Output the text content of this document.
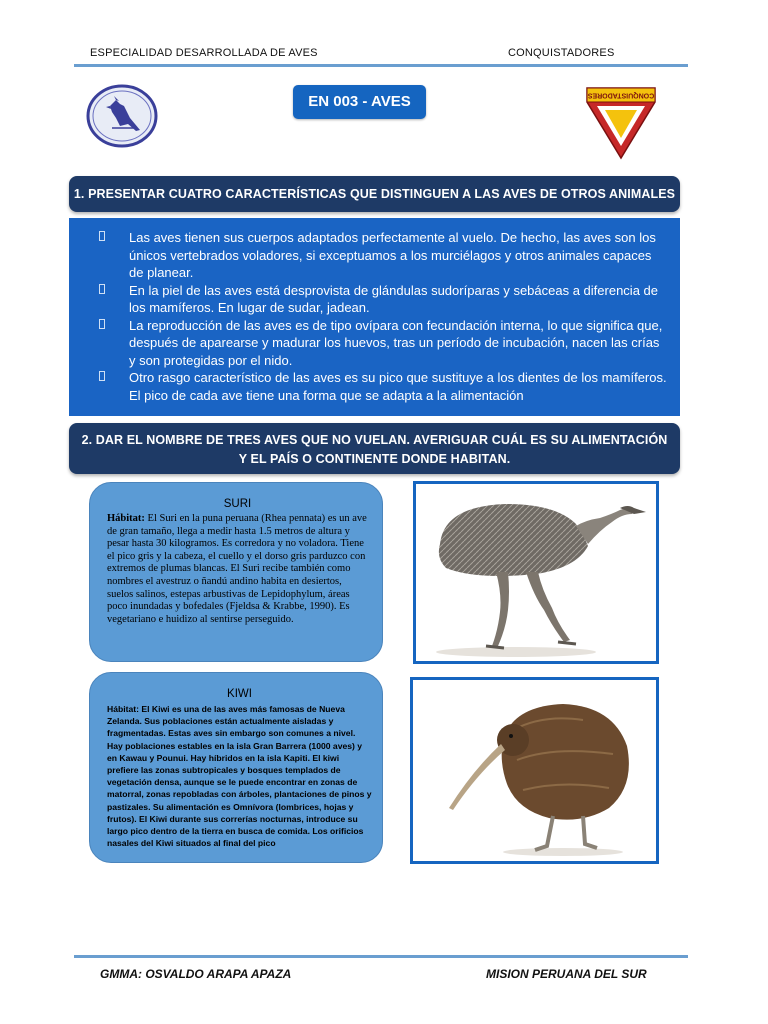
ESPECIALIDAD DESARROLLADA DE AVES	CONQUISTADORES
EN 003 - AVES	CONQUISTADORES
1. PRESENTAR CUATRO CARACTERÍSTICAS QUE DISTINGUEN A LAS AVES DE OTROS ANIMALES
Las aves tienen sus cuerpos adaptados perfectamente al vuelo. De hecho, las aves son los únicos vertebrados voladores, si exceptuamos a los murciélagos y otros animales capaces de planear.
En la piel de las aves está desprovista de glándulas sudoríparas y sebáceas a diferencia de los mamíferos. En lugar de sudar, jadean.
La reproducción de las aves es de tipo ovípara con fecundación interna, lo que significa que, después de aparearse y madurar los huevos, tras un período de incubación, nacen las crías y son protegidas por el nido.
Otro rasgo característico de las aves es su pico que sustituye a los dientes de los mamíferos. El pico de cada ave tiene una forma que se adapta a la alimentación
2. DAR EL NOMBRE DE TRES AVES QUE NO VUELAN. AVERIGUAR CUÁL ES SU ALIMENTACIÓN
Y EL PAÍS O CONTINENTE DONDE HABITAN.
SURI
Hábitat: El Suri en la puna peruana (Rhea pennata) es un ave de gran tamaño, llega a medir hasta 1.5 metros de altura y pesar hasta 30 kilogramos. Es corredora y no voladora. Tiene el pico gris y la cabeza, el cuello y el dorso gris parduzco con extremos de plumas blancas. El Suri recibe también como nombres el avestruz o ñandú andino habita en desiertos, suelos salinos, estepas arbustivas de Lepidophylum, áreas poco inundadas y bofedales (Fjeldsa & Krabbe, 1990). Es vegetariano e huidizo al sentirse perseguido.
KIWI
Hábitat: El Kiwi es una de las aves más famosas de Nueva Zelanda. Sus poblaciones están actualmente aisladas y fragmentadas. Estas aves sin embargo son comunes a nivel. Hay poblaciones estables en la isla Gran Barrera (1000 aves) y en Kawau y Pounui. Hay híbridos en la isla Kapiti. El kiwi prefiere las zonas subtropicales y bosques templados de vegetación densa, aunque se le puede encontrar en zonas de matorral, zonas repobladas con árboles, plantaciones de pinos y pastizales. Su alimentación es Omnívora (lombrices, hojas y frutos). El Kiwi durante sus correrías nocturnas, introduce su largo pico dentro de la tierra en busca de comida. Los orificios nasales del Kiwi situados al final del pico
GMMA: OSVALDO ARAPA APAZA	MISION PERUANA DEL SUR
